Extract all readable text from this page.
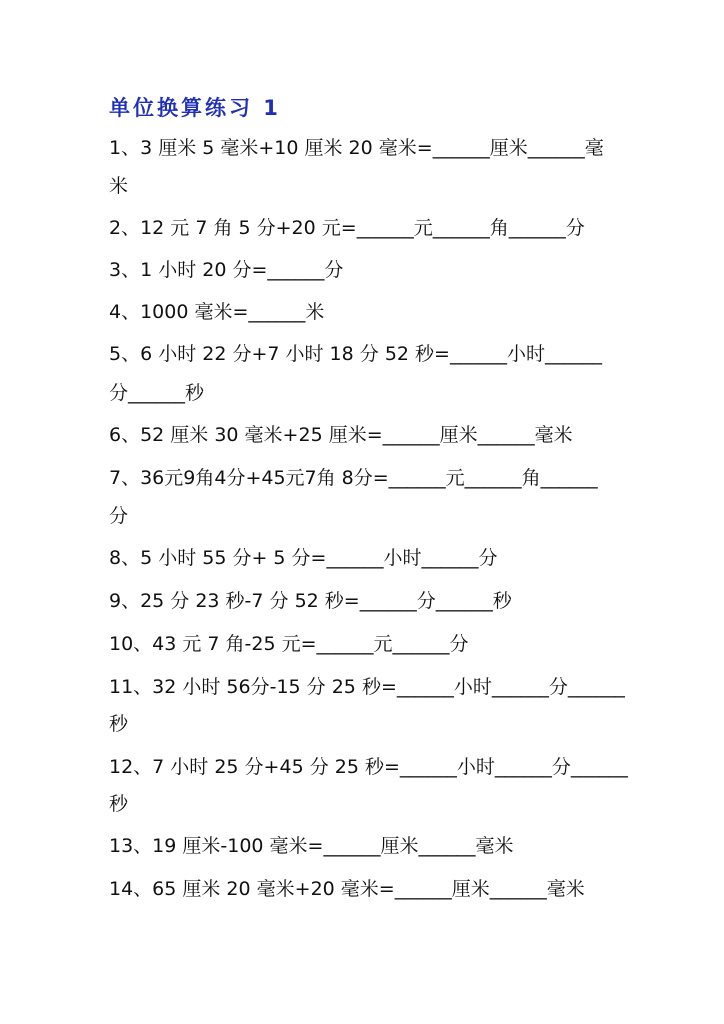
单位换算练习 1
1、3 厘米 5 毫米+10 厘米 20 毫米=______厘米______毫
米
2、12 元 7 角 5 分+20 元=______元______角______分
3、1 小时 20 分=______分
4、1000 毫米=______米
5、6 小时 22 分+7 小时 18 分 52 秒=______小时______
分______秒
6、52 厘米 30 毫米+25 厘米=______厘米______毫米
7、36元9角4分+45元7角 8分=______元______角______
分
8、5 小时 55 分+ 5 分=______小时______分
9、25 分 23 秒-7 分 52 秒=______分______秒
10、43 元 7 角-25 元=______元______分
11、32 小时 56分-15 分 25 秒=______小时______分______
秒
12、7 小时 25 分+45 分 25 秒=______小时______分______
秒
13、19 厘米-100 毫米=______厘米______毫米
14、65 厘米 20 毫米+20 毫米=______厘米______毫米
